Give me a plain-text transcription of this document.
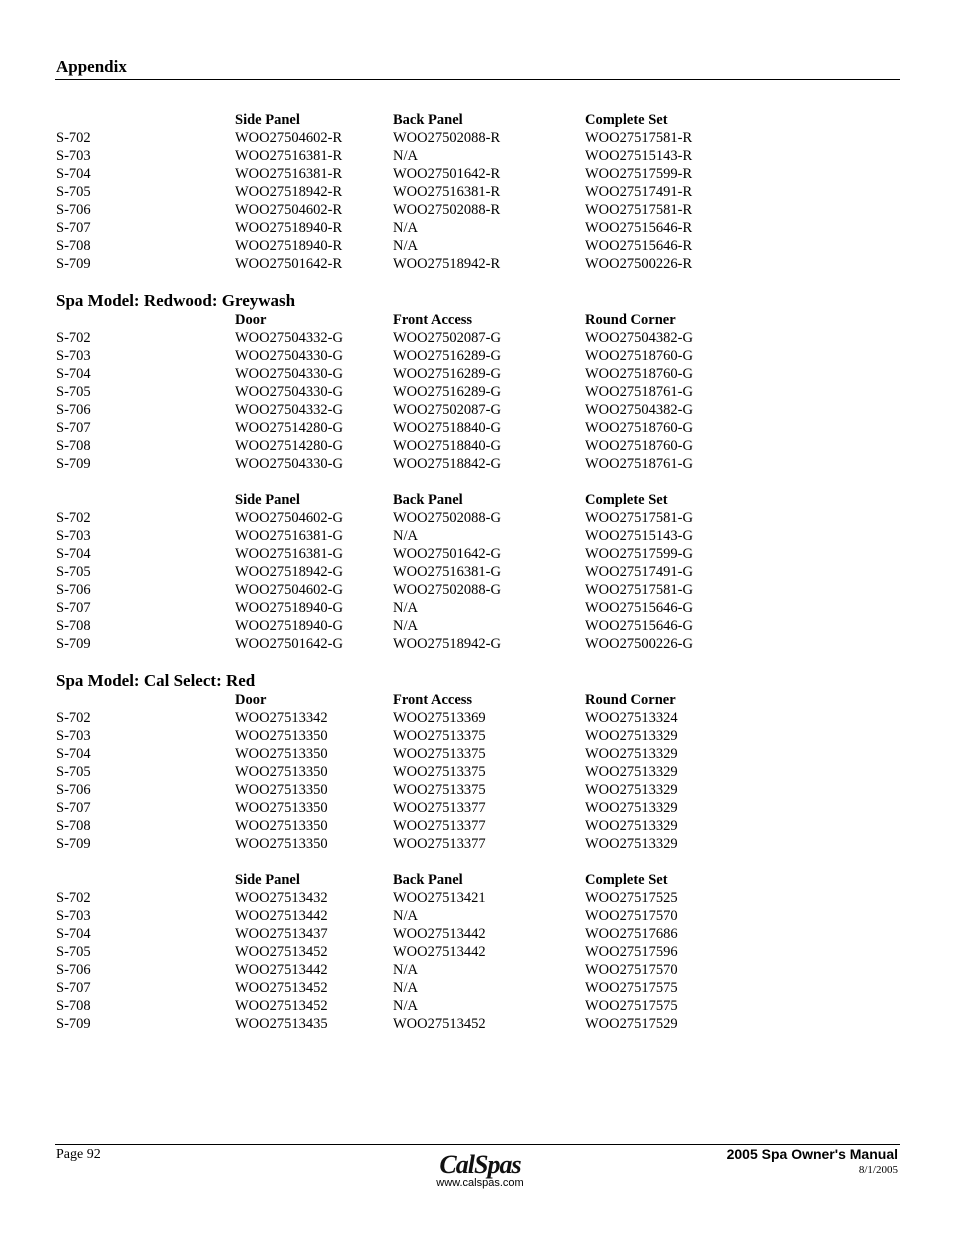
Appendix
Side Panel	Back Panel	Complete Set
S-702	WOO27504602-R	WOO27502088-R	WOO27517581-R
S-703	WOO27516381-R	N/A	WOO27515143-R
S-704	WOO27516381-R	WOO27501642-R	WOO27517599-R
S-705	WOO27518942-R	WOO27516381-R	WOO27517491-R
S-706	WOO27504602-R	WOO27502088-R	WOO27517581-R
S-707	WOO27518940-R	N/A	WOO27515646-R
S-708	WOO27518940-R	N/A	WOO27515646-R
S-709	WOO27501642-R	WOO27518942-R	WOO27500226-R
Spa Model: Redwood: Greywash
Door	Front Access	Round Corner
S-702	WOO27504332-G	WOO27502087-G	WOO27504382-G
S-703	WOO27504330-G	WOO27516289-G	WOO27518760-G
S-704	WOO27504330-G	WOO27516289-G	WOO27518760-G
S-705	WOO27504330-G	WOO27516289-G	WOO27518761-G
S-706	WOO27504332-G	WOO27502087-G	WOO27504382-G
S-707	WOO27514280-G	WOO27518840-G	WOO27518760-G
S-708	WOO27514280-G	WOO27518840-G	WOO27518760-G
S-709	WOO27504330-G	WOO27518842-G	WOO27518761-G
Side Panel	Back Panel	Complete Set
S-702	WOO27504602-G	WOO27502088-G	WOO27517581-G
S-703	WOO27516381-G	N/A	WOO27515143-G
S-704	WOO27516381-G	WOO27501642-G	WOO27517599-G
S-705	WOO27518942-G	WOO27516381-G	WOO27517491-G
S-706	WOO27504602-G	WOO27502088-G	WOO27517581-G
S-707	WOO27518940-G	N/A	WOO27515646-G
S-708	WOO27518940-G	N/A	WOO27515646-G
S-709	WOO27501642-G	WOO27518942-G	WOO27500226-G
Spa Model: Cal Select: Red
Door	Front Access	Round Corner
S-702	WOO27513342	WOO27513369	WOO27513324
S-703	WOO27513350	WOO27513375	WOO27513329
S-704	WOO27513350	WOO27513375	WOO27513329
S-705	WOO27513350	WOO27513375	WOO27513329
S-706	WOO27513350	WOO27513375	WOO27513329
S-707	WOO27513350	WOO27513377	WOO27513329
S-708	WOO27513350	WOO27513377	WOO27513329
S-709	WOO27513350	WOO27513377	WOO27513329
Side Panel	Back Panel	Complete Set
S-702	WOO27513432	WOO27513421	WOO27517525
S-703	WOO27513442	N/A	WOO27517570
S-704	WOO27513437	WOO27513442	WOO27517686
S-705	WOO27513452	WOO27513442	WOO27517596
S-706	WOO27513442	N/A	WOO27517570
S-707	WOO27513452	N/A	WOO27517575
S-708	WOO27513452	N/A	WOO27517575
S-709	WOO27513435	WOO27513452	WOO27517529
Page 92	CalSpas
www.calspas.com
2005 Spa Owner's Manual
8/1/2005
